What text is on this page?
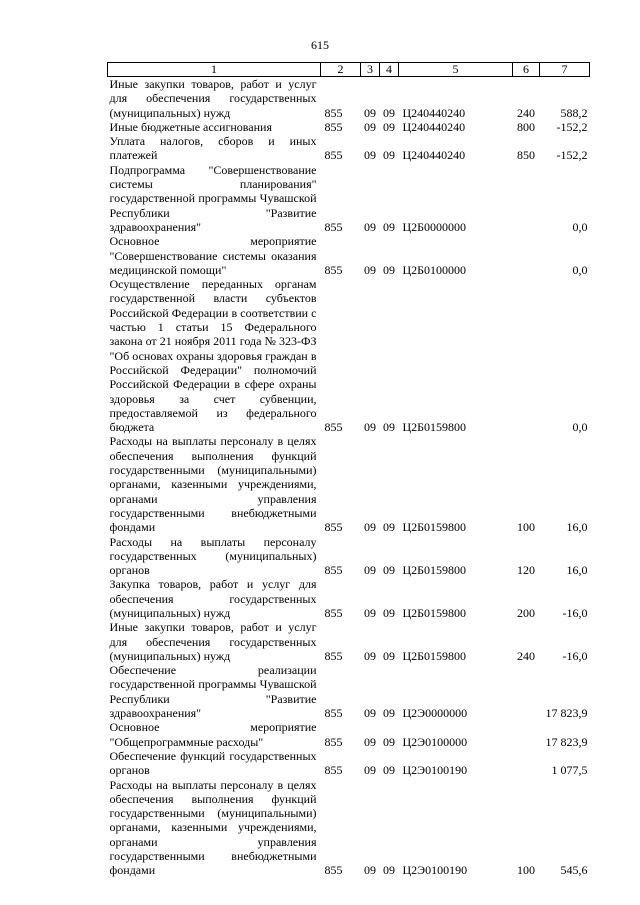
615
1	2	3	4	5	6	7
Иные закупки товаров, работ и услуг для обеспечения государственных (муниципальных) нужд	855	09	09	Ц240440240	240	588,2
Иные бюджетные ассигнования	855	09	09	Ц240440240	800	-152,2
Уплата налогов, сборов и иных платежей	855	09	09	Ц240440240	850	-152,2
Подпрограмма "Совершенствование системы планирования" государственной программы Чувашской Республики "Развитие здравоохранения"	855	09	09	Ц2Б0000000		0,0
Основное мероприятие "Совершенствование системы оказания медицинской помощи"	855	09	09	Ц2Б0100000		0,0
Осуществление переданных органам государственной власти субъектов Российской Федерации в соответствии с частью 1 статьи 15 Федерального закона от 21 ноября 2011 года № 323-ФЗ "Об основах охраны здоровья граждан в Российской Федерации" полномочий Российской Федерации в сфере охраны здоровья за счет субвенции, предоставляемой из федерального бюджета	855	09	09	Ц2Б0159800		0,0
Расходы на выплаты персоналу в целях обеспечения выполнения функций государственными (муниципальными) органами, казенными учреждениями, органами управления государственными внебюджетными фондами	855	09	09	Ц2Б0159800	100	16,0
Расходы на выплаты персоналу государственных (муниципальных) органов	855	09	09	Ц2Б0159800	120	16,0
Закупка товаров, работ и услуг для обеспечения государственных (муниципальных) нужд	855	09	09	Ц2Б0159800	200	-16,0
Иные закупки товаров, работ и услуг для обеспечения государственных (муниципальных) нужд	855	09	09	Ц2Б0159800	240	-16,0
Обеспечение реализации государственной программы Чувашской Республики "Развитие здравоохранения"	855	09	09	Ц2Э0000000		17 823,9
Основное мероприятие "Общепрограммные расходы"	855	09	09	Ц2Э0100000		17 823,9
Обеспечение функций государственных органов	855	09	09	Ц2Э0100190		1 077,5
Расходы на выплаты персоналу в целях обеспечения выполнения функций государственными (муниципальными) органами, казенными учреждениями, органами управления государственными внебюджетными фондами	855	09	09	Ц2Э0100190	100	545,6
